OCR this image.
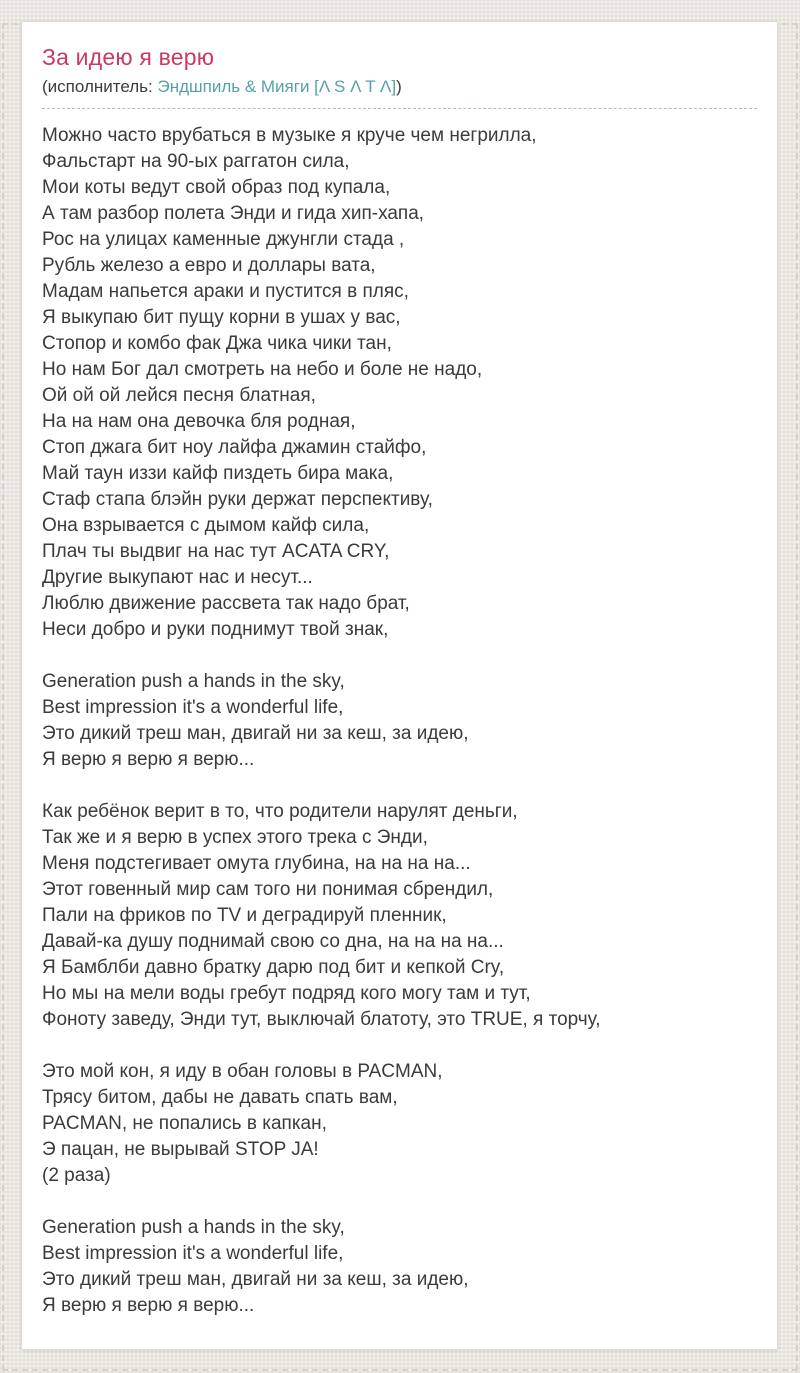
За идею я верю
(исполнитель: Эндшпиль & Мияги [Λ S Λ T Λ])
Можно часто врубаться в музыке я круче чем негрилла,
Фальстарт на 90-ых раггатон сила,
Мои коты ведут свой образ под купала,
А там разбор полета Энди и гида хип-хапа,
Рос на улицах каменные джунгли стада ,
Рубль железо а евро и доллары вата,
Мадам напьется араки и пустится в пляс,
Я выкупаю бит пущу корни в ушах у вас,
Стопор и комбо фак Джа чика чики тан,
Но нам Бог дал смотреть на небо и боле не надо,
Ой ой ой лейся песня блатная,
На на нам она девочка бля родная,
Стоп джага бит ноу лайфа джамин стайфо,
Май таун иззи кайф пиздеть бира мака,
Стаф стапа блэйн руки держат перспективу,
Она взрывается с дымом кайф сила,
Плач ты выдвиг на нас тут ACATA CRY,
Другие выкупают нас и несут...
Люблю движение рассвета так надо брат,
Неси добро и руки поднимут твой знак,
Generation push a hands in the sky,
Best impression it's a wonderful life,
Это дикий треш ман, двигай ни за кеш, за идею,
Я верю я верю я верю...
Как ребёнок верит в то, что родители нарулят деньги,
Так же и я верю в успех этого трека с Энди,
Меня подстегивает омута глубина, на на на на...
Этот говенный мир сам того ни понимая сбрендил,
Пали на фриков по TV и деградируй пленник,
Давай-ка душу поднимай свою со дна, на на на на...
Я Бамблби давно братку дарю под бит и кепкой Cry,
Но мы на мели воды гребут подряд кого могу там и тут,
Фоноту заведу, Энди тут, выключай блатоту, это TRUE, я торчу,
Это мой кон, я иду в обан головы в PACMAN,
Трясу битом, дабы не давать спать вам,
PACMAN, не попались в капкан,
Э пацан, не вырывай STOP JA!
(2 раза)
Generation push a hands in the sky,
Best impression it's a wonderful life,
Это дикий треш ман, двигай ни за кеш, за идею,
Я верю я верю я верю...
